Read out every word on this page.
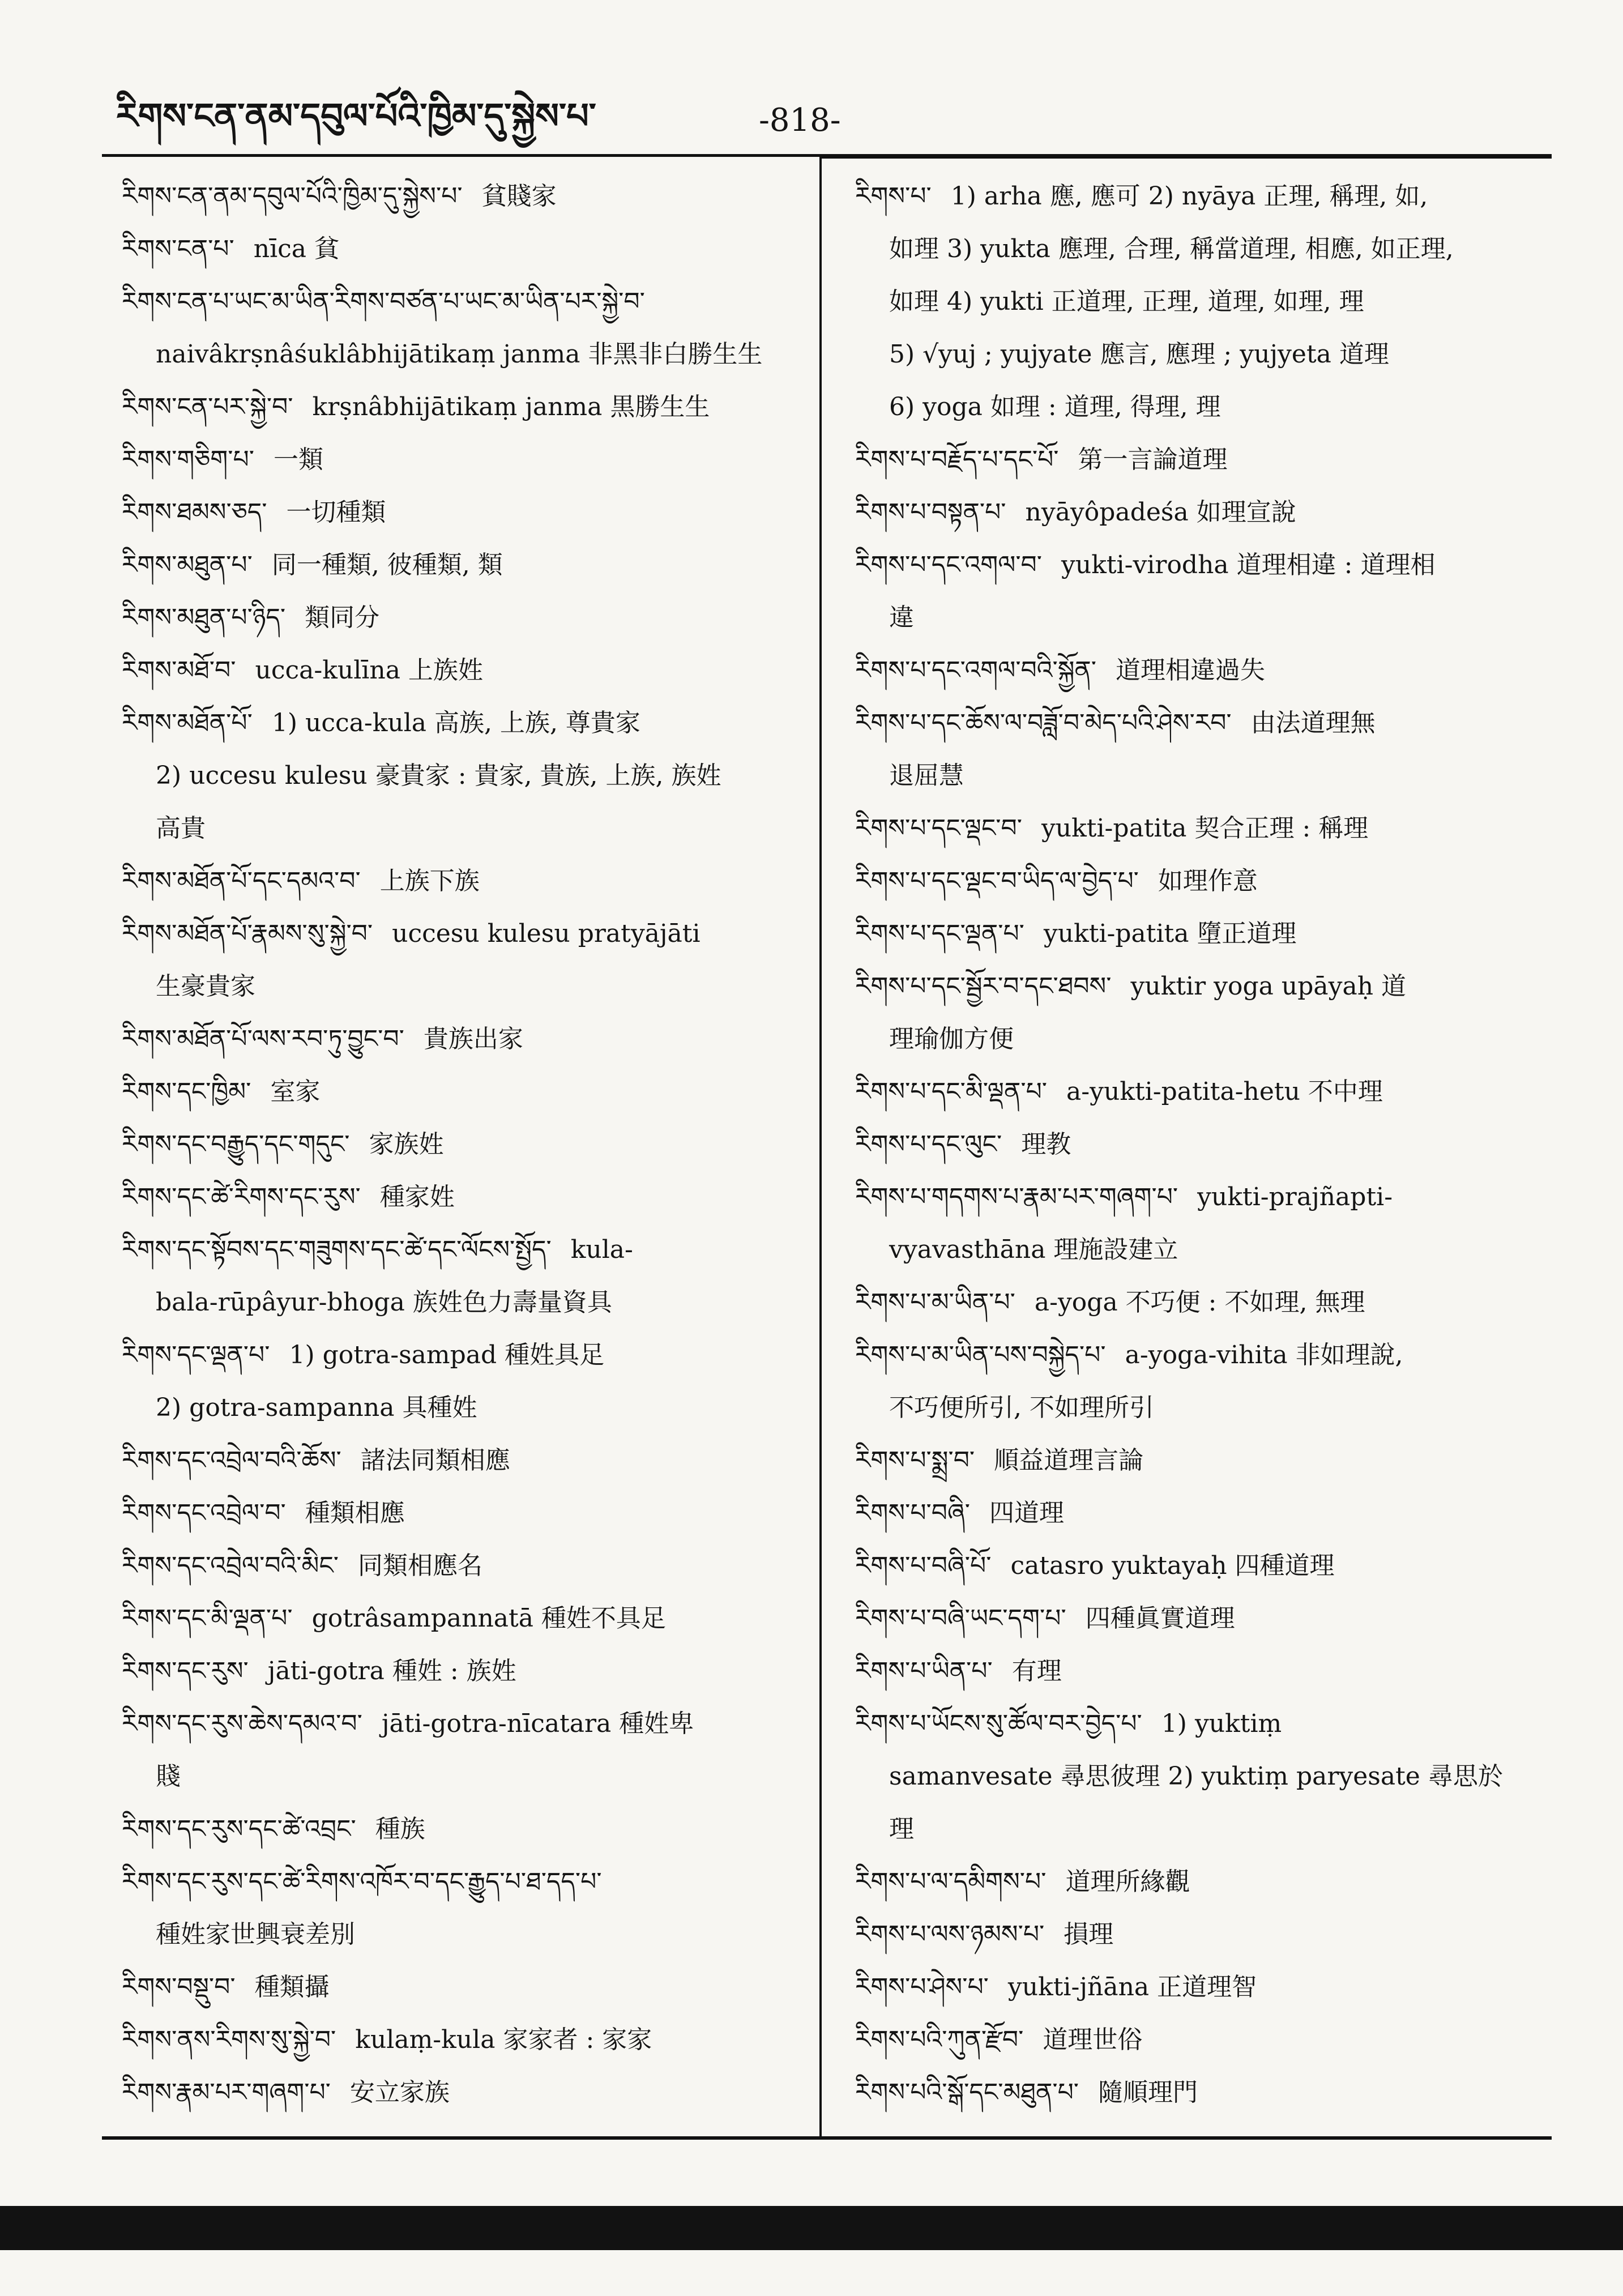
རིགས་ངན་ནམ་དབུལ་པོའི་ཁྱིམ་དུ་སྐྱེས་པ་	-818-
རིགས་ངན་ནམ་དབུལ་པོའི་ཁྱིམ་དུ་སྐྱེས་པ་ 貧賤家
རིགས་ངན་པ་ nīca 貧
རིགས་ངན་པ་ཡང་མ་ཡིན་རིགས་བཙན་པ་ཡང་མ་ཡིན་པར་སྐྱེ་བ་
naivâkrṣnâśuklâbhijātikaṃ janma 非黑非白勝生生
རིགས་ངན་པར་སྐྱེ་བ་ krṣnâbhijātikaṃ janma 黒勝生生
རིགས་གཅིག་པ་ 一類
རིགས་ཐམས་ཅད་ 一切種類
རིགས་མཐུན་པ་ 同一種類, 彼種類, 類
རིགས་མཐུན་པ་ཉིད་ 類同分
རིགས་མཐོ་བ་ ucca-kulīna 上族姓
རིགས་མཐོན་པོ་ 1) ucca-kula 高族, 上族, 尊貴家
2) uccesu kulesu 豪貴家 : 貴家, 貴族, 上族, 族姓
高貴
རིགས་མཐོན་པོ་དང་དམའ་བ་ 上族下族
རིགས་མཐོན་པོ་རྣམས་སུ་སྐྱེ་བ་ uccesu kulesu pratyājāti
生豪貴家
རིགས་མཐོན་པོ་ལས་རབ་ཏུ་བྱུང་བ་ 貴族出家
རིགས་དང་ཁྱིམ་ 室家
རིགས་དང་བརྒྱུད་དང་གདུང་ 家族姓
རིགས་དང་ཚེ་རིགས་དང་རུས་ 種家姓
རིགས་དང་སྟོབས་དང་གཟུགས་དང་ཚེ་དང་ལོངས་སྤྱོད་ kula-
bala-rūpâyur-bhoga 族姓色力壽量資具
རིགས་དང་ལྡན་པ་ 1) gotra-sampad 種姓具足
2) gotra-sampanna 具種姓
རིགས་དང་འབྲེལ་བའི་ཆོས་ 諸法同類相應
རིགས་དང་འབྲེལ་བ་ 種類相應
རིགས་དང་འབྲེལ་བའི་མིང་ 同類相應名
རིགས་དང་མི་ལྡན་པ་ gotrâsampannatā 種姓不具足
རིགས་དང་རུས་ jāti-gotra 種姓 : 族姓
རིགས་དང་རུས་ཆེས་དམའ་བ་ jāti-gotra-nīcatara 種姓卑
賤
རིགས་དང་རུས་དང་ཚེ་འབྲང་ 種族
རིགས་དང་རུས་དང་ཚེ་རིགས་འཁོར་བ་དང་རྒྱུད་པ་ཐ་དད་པ་
種姓家世興衰差別
རིགས་བསྡུ་བ་ 種類攝
རིགས་ནས་རིགས་སུ་སྐྱེ་བ་ kulaṃ-kula 家家者 : 家家
རིགས་རྣམ་པར་གཞག་པ་ 安立家族
རིགས་པ་ 1) arha 應, 應可 2) nyāya 正理, 稱理, 如,
如理 3) yukta 應理, 合理, 稱當道理, 相應, 如正理,
如理 4) yukti 正道理, 正理, 道理, 如理, 理
5) √yuj ; yujyate 應言, 應理 ; yujyeta 道理
6) yoga 如理 : 道理, 得理, 理
རིགས་པ་བརྗོད་པ་དང་པོ་ 第一言論道理
རིགས་པ་བསྟན་པ་ nyāyôpadeśa 如理宣說
རིགས་པ་དང་འགལ་བ་ yukti-virodha 道理相違 : 道理相
違
རིགས་པ་དང་འགལ་བའི་སྐྱོན་ 道理相違過失
རིགས་པ་དང་ཆོས་ལ་བཟློ་བ་མེད་པའི་ཤེས་རབ་ 由法道理無
退屈慧
རིགས་པ་དང་ལྡང་བ་ yukti-patita 契合正理 : 稱理
རིགས་པ་དང་ལྡང་བ་ཡིད་ལ་བྱེད་པ་ 如理作意
རིགས་པ་དང་ལྡན་པ་ yukti-patita 墮正道理
རིགས་པ་དང་སྦྱོར་བ་དང་ཐབས་ yuktir yoga upāyaḥ 道
理瑜伽方便
རིགས་པ་དང་མི་ལྡན་པ་ a-yukti-patita-hetu 不中理
རིགས་པ་དང་ལུང་ 理教
རིགས་པ་གདགས་པ་རྣམ་པར་གཞག་པ་ yukti-prajñapti-
vyavasthāna 理施設建立
རིགས་པ་མ་ཡིན་པ་ a-yoga 不巧便 : 不如理, 無理
རིགས་པ་མ་ཡིན་པས་བསྐྱེད་པ་ a-yoga-vihita 非如理說,
不巧便所引, 不如理所引
རིགས་པ་སྨྲ་བ་ 順益道理言論
རིགས་པ་བཞི་ 四道理
རིགས་པ་བཞི་པོ་ catasro yuktayaḥ 四種道理
རིགས་པ་བཞི་ཡང་དག་པ་ 四種眞實道理
རིགས་པ་ཡིན་པ་ 有理
རིགས་པ་ཡོངས་སུ་ཚོལ་བར་བྱེད་པ་ 1) yuktiṃ
samanvesate 尋思彼理 2) yuktiṃ paryesate 尋思於
理
རིགས་པ་ལ་དམིགས་པ་ 道理所緣觀
རིགས་པ་ལས་ཉམས་པ་ 損理
རིགས་པ་ཤེས་པ་ yukti-jñāna 正道理智
རིགས་པའི་ཀུན་རྫོབ་ 道理世俗
རིགས་པའི་སྒོ་དང་མཐུན་པ་ 隨順理門
